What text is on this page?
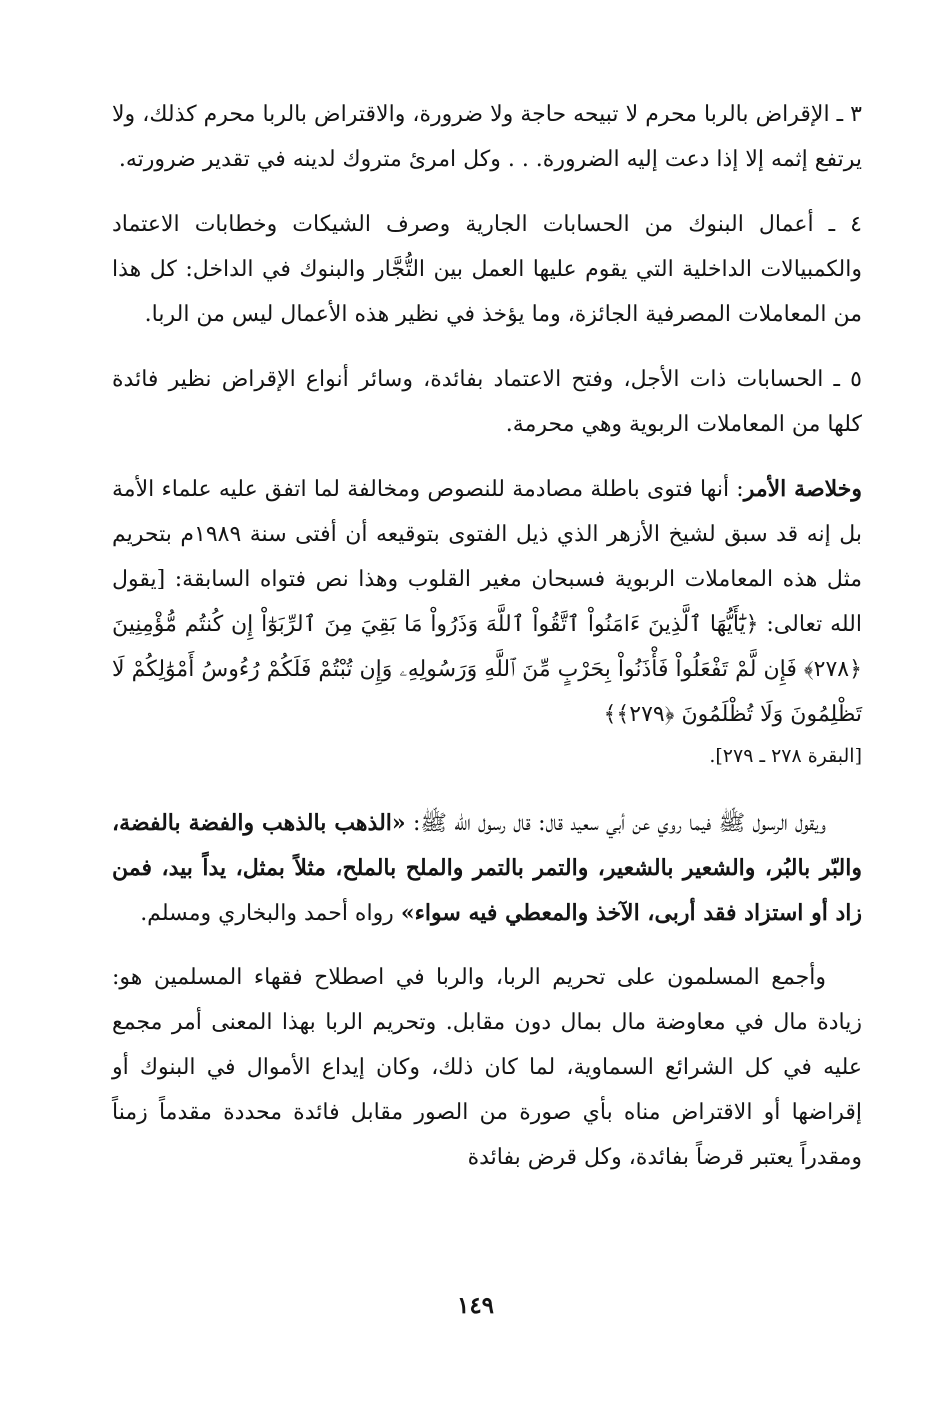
٣ ـ الإقراض بالربا محرم لا تبيحه حاجة ولا ضرورة، والاقتراض بالربا محرم كذلك، ولا يرتفع إثمه إلا إذا دعت إليه الضرورة. . . وكل امرئ متروك لدينه في تقدير ضرورته.

٤ ـ أعمال البنوك من الحسابات الجارية وصرف الشيكات وخطابات الاعتماد والكمبيالات الداخلية التي يقوم عليها العمل بين التُّجَّار والبنوك في الداخل: كل هذا من المعاملات المصرفية الجائزة، وما يؤخذ في نظير هذه الأعمال ليس من الربا.

٥ ـ الحسابات ذات الأجل، وفتح الاعتماد بفائدة، وسائر أنواع الإقراض نظير فائدة كلها من المعاملات الربوية وهي محرمة.

وخلاصة الأمر: أنها فتوى باطلة مصادمة للنصوص ومخالفة لما اتفق عليه علماء الأمة بل إنه قد سبق لشيخ الأزهر الذي ذيل الفتوى بتوقيعه أن أفتى سنة ١٩٨٩م بتحريم مثل هذه المعاملات الربوية فسبحان مغير القلوب وهذا نص فتواه السابقة: [يقول الله تعالى: ﴿يَٰٓأَيُّهَا ٱلَّذِينَ ءَامَنُواْ ٱتَّقُواْ ٱللَّهَ وَذَرُواْ مَا بَقِيَ مِنَ ٱلرِّبَوٰٓاْ إِن كُنتُم مُّؤْمِنِينَ ﴿٢٧٨﴾ فَإِن لَّمْ تَفْعَلُواْ فَأْذَنُواْ بِحَرْبٍ مِّنَ ٱللَّهِ وَرَسُولِهِۦ وَإِن تُبْتُمْ فَلَكُمْ رُءُوسُ أَمْوَٰلِكُمْ لَا تَظْلِمُونَ وَلَا تُظْلَمُونَ ﴿٢٧٩﴾﴾

[البقرة ٢٧٨ ـ ٢٧٩].

ويقول الرسول ﷺ فيما روي عن أبي سعيد قال: قال رسول الله ﷺ: «الذهب بالذهب والفضة بالفضة، والبّر بالبُر، والشعير بالشعير، والتمر بالتمر والملح بالملح، مثلاً بمثل، يداً بيد، فمن زاد أو استزاد فقد أربى، الآخذ والمعطي فيه سواء» رواه أحمد والبخاري ومسلم.

وأجمع المسلمون على تحريم الربا، والربا في اصطلاح فقهاء المسلمين هو: زيادة مال في معاوضة مال بمال دون مقابل. وتحريم الربا بهذا المعنى أمر مجمع عليه في كل الشرائع السماوية، لما كان ذلك، وكان إيداع الأموال في البنوك أو إقراضها أو الاقتراض مناه بأي صورة من الصور مقابل فائدة محددة مقدماً زمناً ومقدراً يعتبر قرضاً بفائدة، وكل قرض بفائدة

١٤٩
